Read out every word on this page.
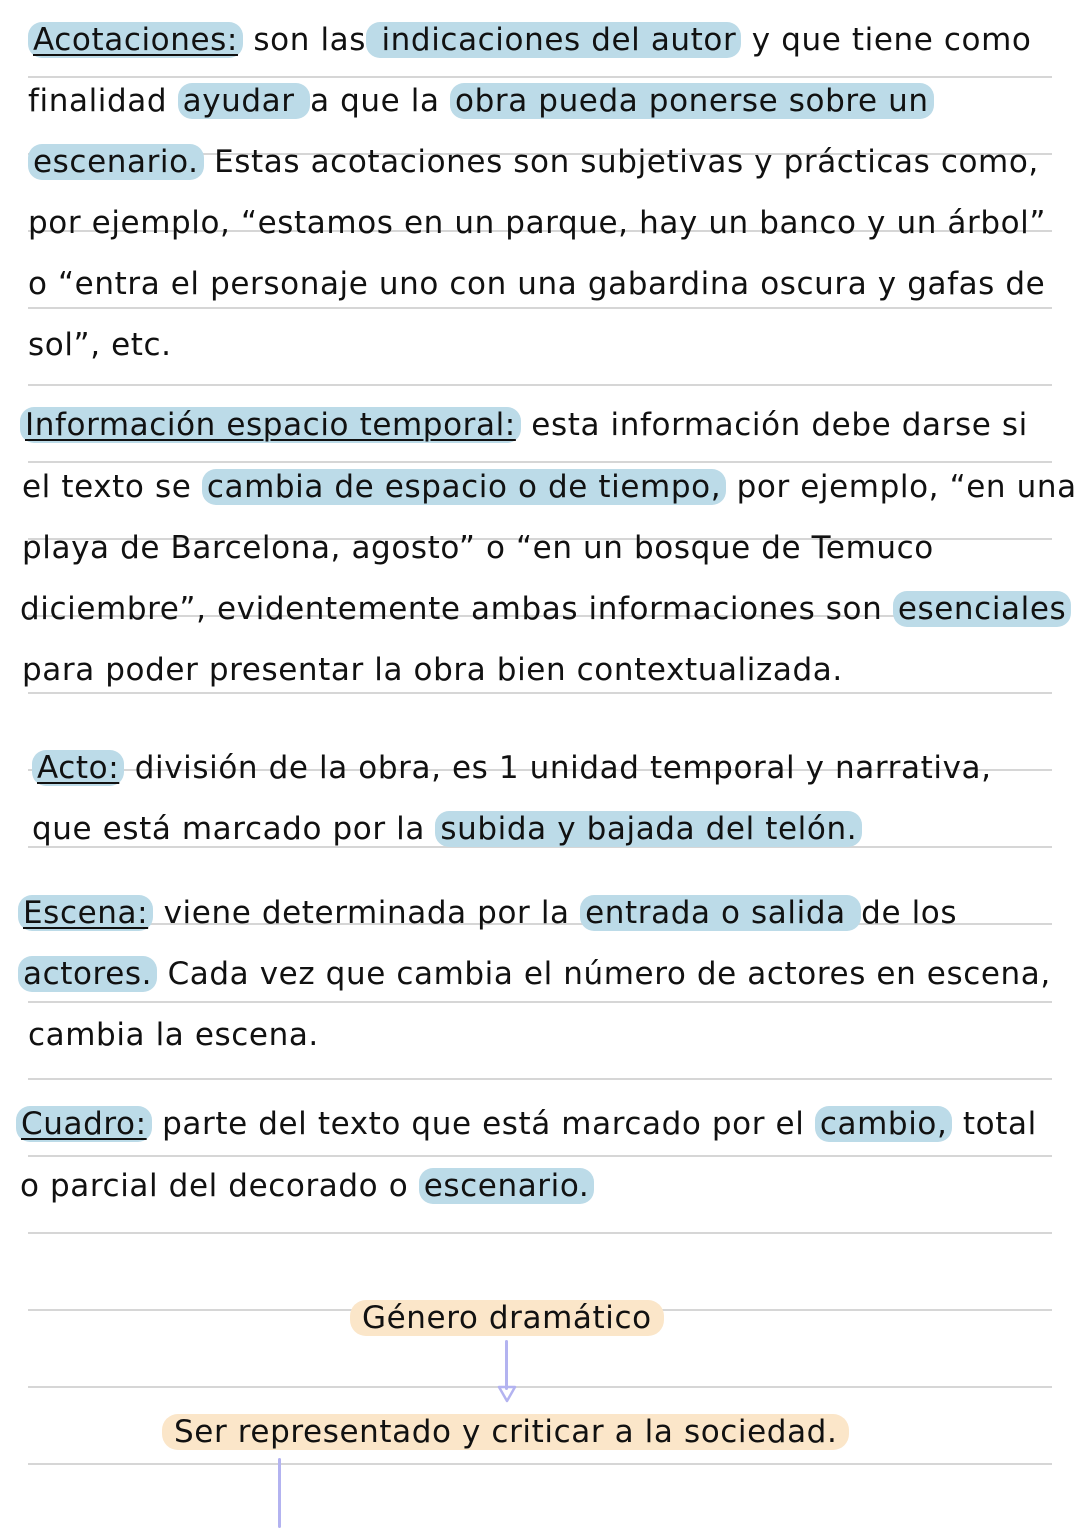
Acotaciones: son las indicaciones del autor y que tiene como
finalidad ayudar a que la obra pueda ponerse sobre un
escenario. Estas acotaciones son subjetivas y prácticas como,
por ejemplo, “estamos en un parque, hay un banco y un árbol”
o “entra el personaje uno con una gabardina oscura y gafas de
sol”, etc.
Información espacio temporal: esta información debe darse si
el texto se cambia de espacio o de tiempo, por ejemplo, “en una
playa de Barcelona, agosto” o “en un bosque de Temuco
diciembre”, evidentemente ambas informaciones son esenciales
para poder presentar la obra bien contextualizada.
Acto: división de la obra, es 1 unidad temporal y narrativa,
que está marcado por la subida y bajada del telón.
Escena: viene determinada por la entrada o salida de los
actores. Cada vez que cambia el número de actores en escena,
cambia la escena.
Cuadro: parte del texto que está marcado por el cambio, total
o parcial del decorado o escenario.
Género dramático
Ser representado y criticar a la sociedad.
